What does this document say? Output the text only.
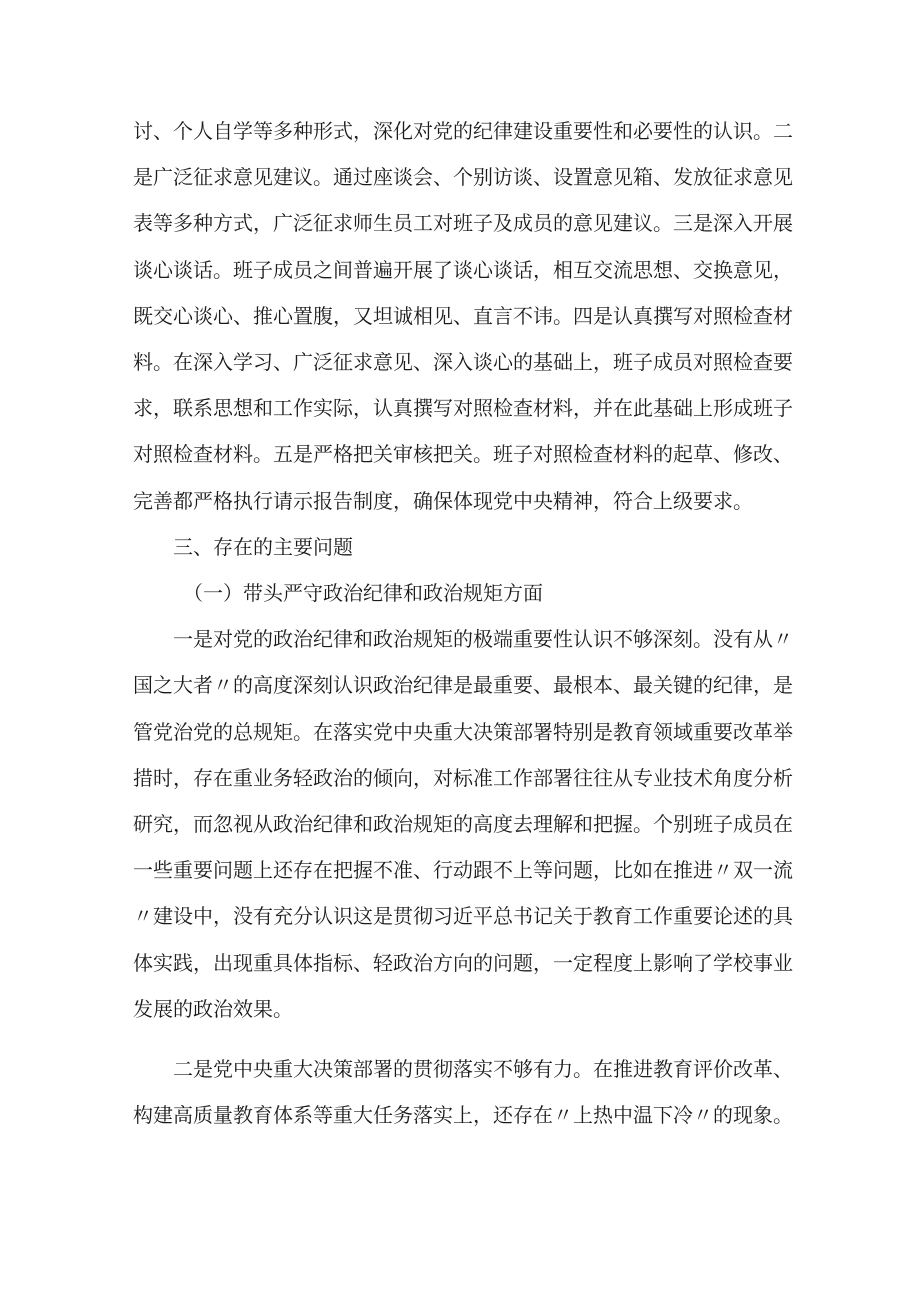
讨、个人自学等多种形式，深化对党的纪律建设重要性和必要性的认识。二是广泛征求意见建议。通过座谈会、个别访谈、设置意见箱、发放征求意见表等多种方式，广泛征求师生员工对班子及成员的意见建议。三是深入开展谈心谈话。班子成员之间普遍开展了谈心谈话，相互交流思想、交换意见，既交心谈心、推心置腹，又坦诚相见、直言不讳。四是认真撰写对照检查材料。在深入学习、广泛征求意见、深入谈心的基础上，班子成员对照检查要求，联系思想和工作实际，认真撰写对照检查材料，并在此基础上形成班子对照检查材料。五是严格把关审核把关。班子对照检查材料的起草、修改、完善都严格执行请示报告制度，确保体现党中央精神，符合上级要求。

三、存在的主要问题

（一）带头严守政治纪律和政治规矩方面

一是对党的政治纪律和政治规矩的极端重要性认识不够深刻。没有从〃国之大者〃的高度深刻认识政治纪律是最重要、最根本、最关键的纪律，是管党治党的总规矩。在落实党中央重大决策部署特别是教育领域重要改革举措时，存在重业务轻政治的倾向，对标准工作部署往往从专业技术角度分析研究，而忽视从政治纪律和政治规矩的高度去理解和把握。个别班子成员在一些重要问题上还存在把握不准、行动跟不上等问题，比如在推进〃双一流〃建设中，没有充分认识这是贯彻习近平总书记关于教育工作重要论述的具体实践，出现重具体指标、轻政治方向的问题，一定程度上影响了学校事业发展的政治效果。

二是党中央重大决策部署的贯彻落实不够有力。在推进教育评价改革、构建高质量教育体系等重大任务落实上，还存在〃上热中温下冷〃的现象。
